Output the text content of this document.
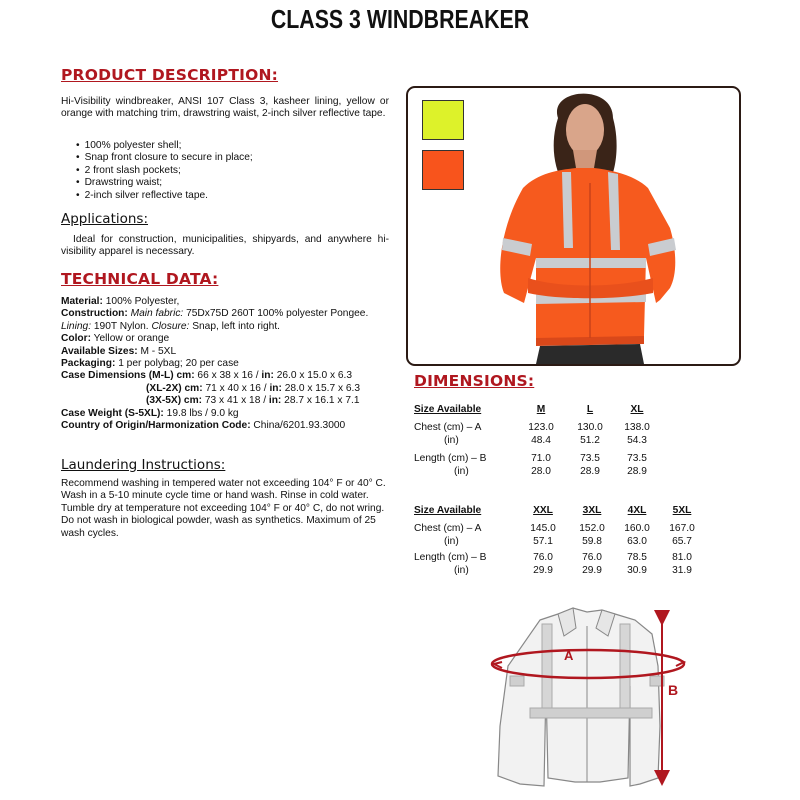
CLASS 3 WINDBREAKER
PRODUCT DESCRIPTION:
Hi-Visibility windbreaker, ANSI 107 Class 3, kasheer lining, yellow or orange with matching trim, drawstring waist, 2-inch silver reflective tape.
• 100% polyester shell;
• Snap front closure to secure in place;
• 2 front slash pockets;
• Drawstring waist;
• 2-inch silver reflective tape.
Applications:
Ideal for construction, municipalities, shipyards, and anywhere hi-visibility apparel is necessary.
TECHNICAL DATA:
Material: 100% Polyester,
Construction: Main fabric: 75Dx75D 260T 100% polyester Pongee.
Lining: 190T Nylon. Closure: Snap, left into right.
Color: Yellow or orange
Available Sizes: M - 5XL
Packaging: 1 per polybag; 20 per case
Case Dimensions (M-L) cm: 66 x 38 x 16 / in: 26.0 x 15.0 x 6.3
(XL-2X) cm: 71 x 40 x 16 / in: 28.0 x 15.7 x 6.3
(3X-5X) cm: 73 x 41 x 18 / in: 28.7 x 16.1 x 7.1
Case Weight (S-5XL): 19.8 lbs / 9.0 kg
Country of Origin/Harmonization Code: China/6201.93.3000
Laundering Instructions:
Recommend washing in tempered water not exceeding 104° F or 40° C. Wash in a 5-10 minute cycle time or hand wash. Rinse in cold water. Tumble dry at temperature not exceeding 104° F or 40° C, do not wring. Do not wash in biological powder, wash as synthetics. Maximum of 25 wash cycles.
DIMENSIONS:
Size Available	M	L	XL
Chest (cm) – A	123.0	130.0	138.0
(in)	48.4	51.2	54.3

Length (cm) – B	71.0	73.5	73.5
(in)	28.0	28.9	28.9
Size Available	XXL	3XL	4XL	5XL
Chest (cm) – A	145.0	152.0	160.0	167.0
(in)	57.1	59.8	63.0	65.7

Length (cm) – B	76.0	76.0	78.5	81.0
(in)	29.9	29.9	30.9	31.9
A
B
